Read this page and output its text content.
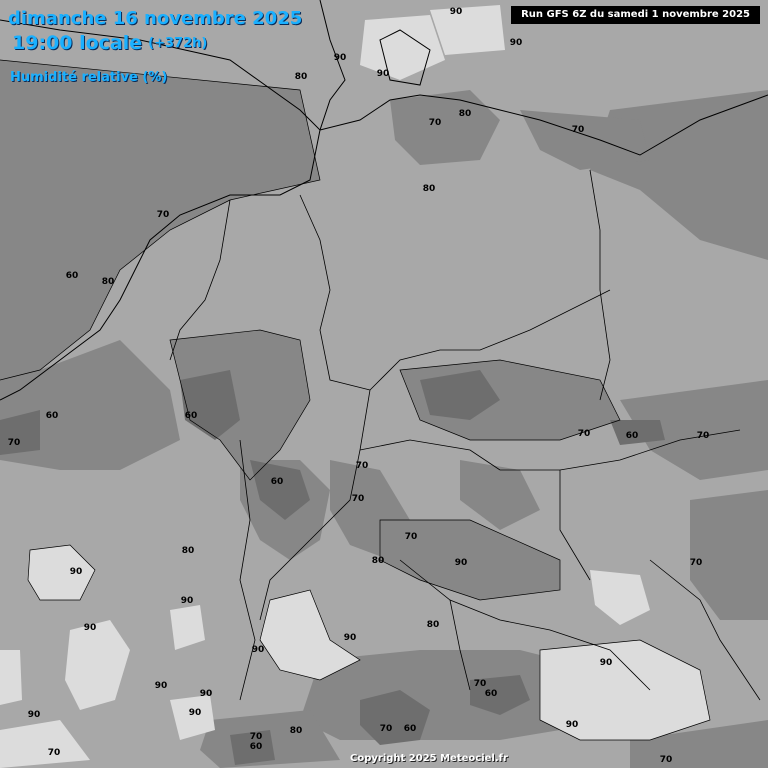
90
90
90
90
80
70
80
70
80
70
80
60
60
60
70
70	60	70
70
70
80
80
70
90
90
90	80
90
90
90
90
90
70
60
90
90
70
60
90
70 60
70
80
90
70
60
70

dimanche 16 novembre 2025

19:00 locale (+372h)

Humidité relative (%)

Run GFS 6Z du samedi 1 novembre 2025
Copyright 2025 Meteociel.fr
